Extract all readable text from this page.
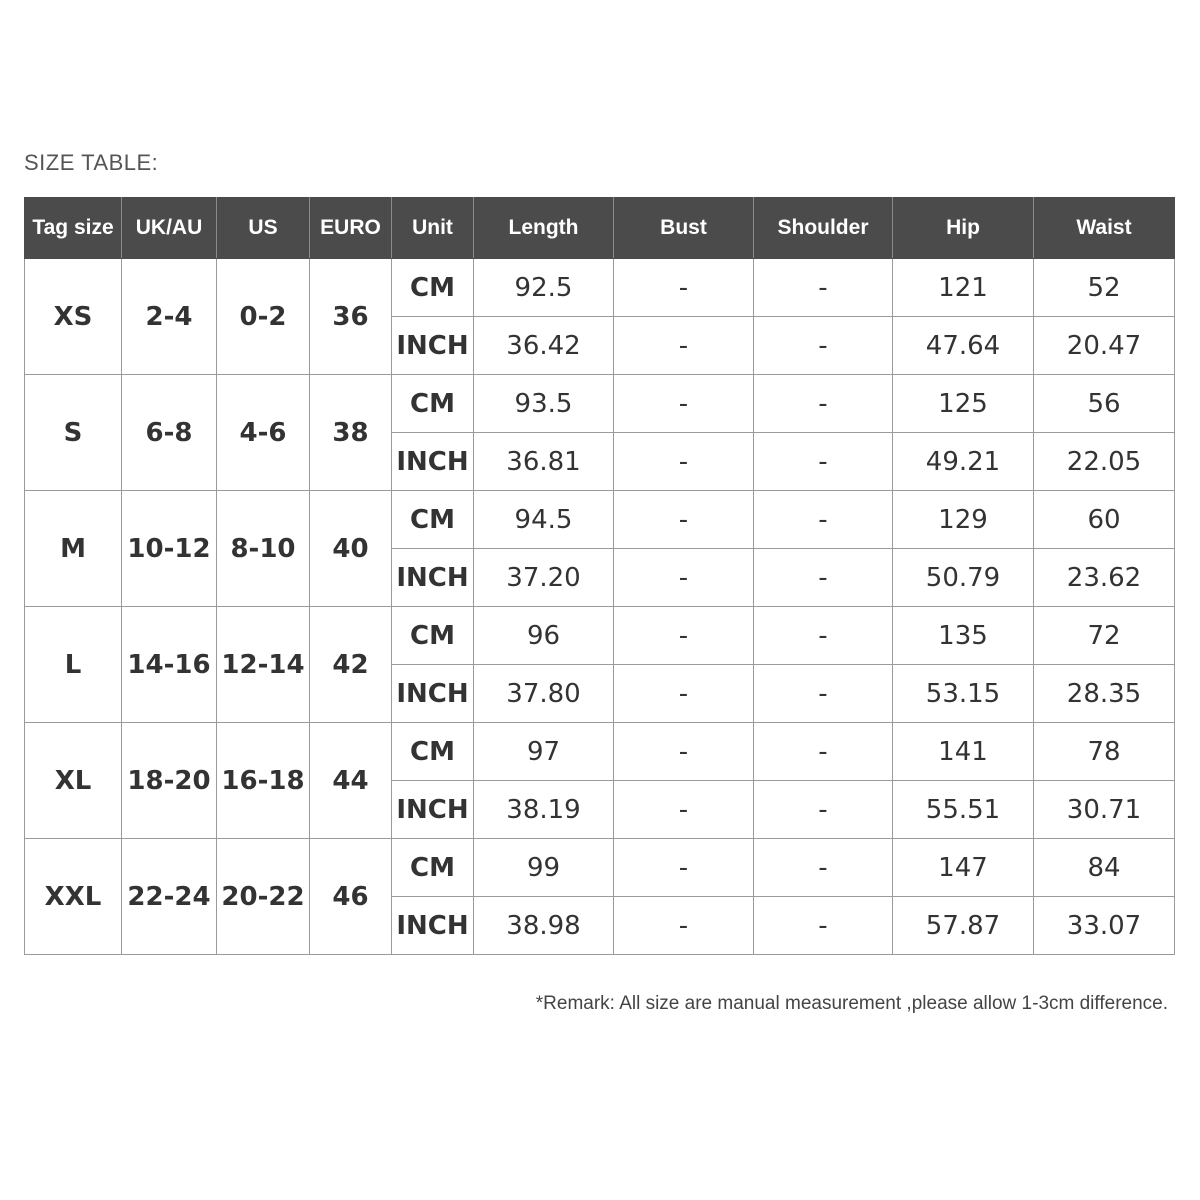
SIZE TABLE:
Tag size	UK/AU	US	EURO	Unit	Length	Bust	Shoulder	Hip	Waist
XS	2-4	0-2	36	CM	92.5	-	-	121	52
				INCH	36.42	-	-	47.64	20.47
S	6-8	4-6	38	CM	93.5	-	-	125	56
				INCH	36.81	-	-	49.21	22.05
M	10-12	8-10	40	CM	94.5	-	-	129	60
				INCH	37.20	-	-	50.79	23.62
L	14-16	12-14	42	CM	96	-	-	135	72
				INCH	37.80	-	-	53.15	28.35
XL	18-20	16-18	44	CM	97	-	-	141	78
				INCH	38.19	-	-	55.51	30.71
XXL	22-24	20-22	46	CM	99	-	-	147	84
				INCH	38.98	-	-	57.87	33.07
*Remark: All size are manual measurement ,please allow 1-3cm difference.
